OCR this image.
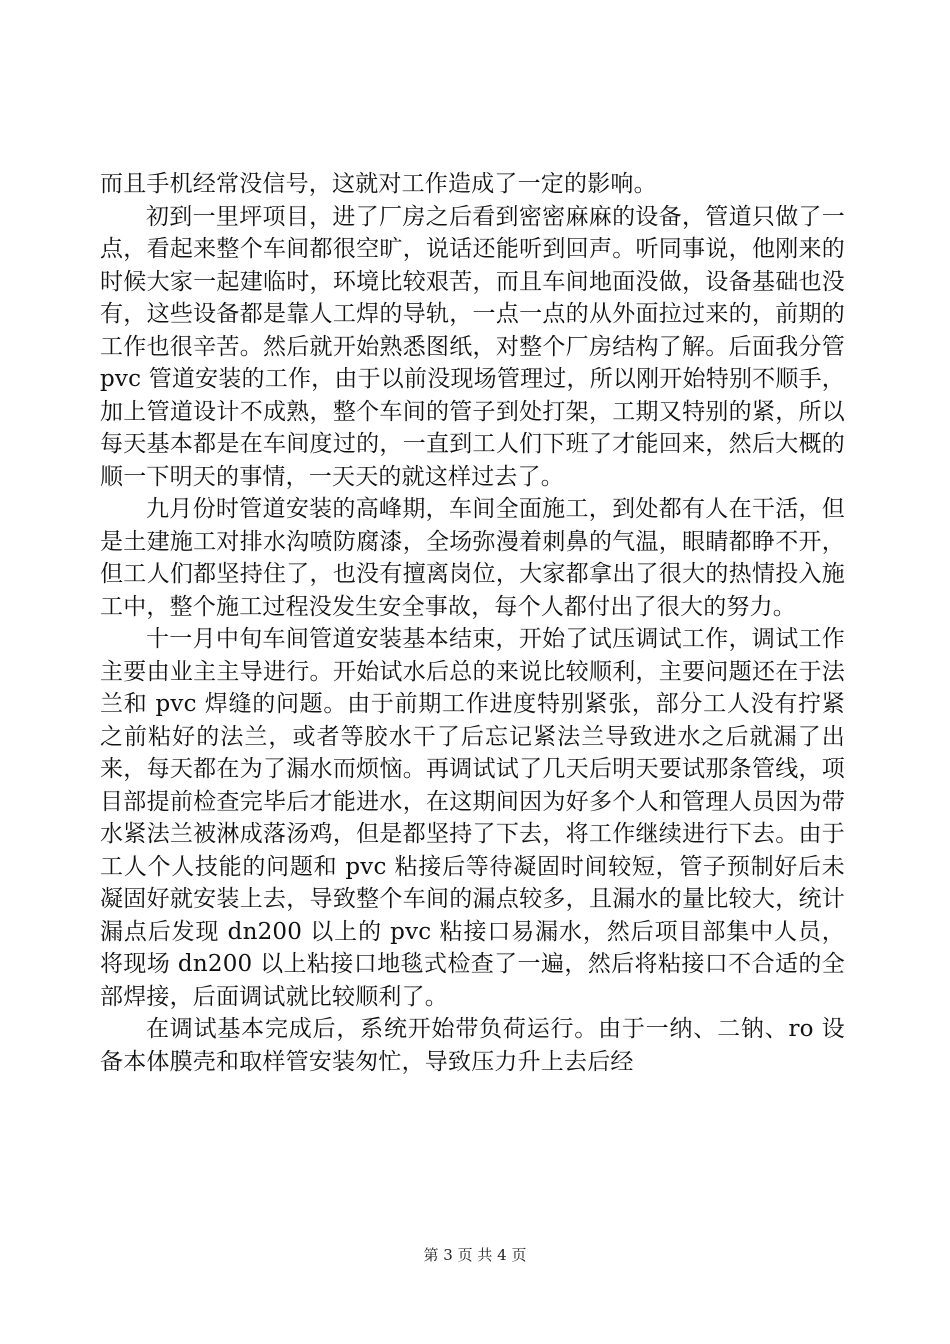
而且手机经常没信号，这就对工作造成了一定的影响。

初到一里坪项目，进了厂房之后看到密密麻麻的设备，管道只做了一点，看起来整个车间都很空旷，说话还能听到回声。听同事说，他刚来的时候大家一起建临时，环境比较艰苦，而且车间地面没做，设备基础也没有，这些设备都是靠人工焊的导轨，一点一点的从外面拉过来的，前期的工作也很辛苦。然后就开始熟悉图纸，对整个厂房结构了解。后面我分管 pvc 管道安装的工作，由于以前没现场管理过，所以刚开始特别不顺手，加上管道设计不成熟，整个车间的管子到处打架，工期又特别的紧，所以每天基本都是在车间度过的，一直到工人们下班了才能回来，然后大概的顺一下明天的事情，一天天的就这样过去了。

九月份时管道安装的高峰期，车间全面施工，到处都有人在干活，但是土建施工对排水沟喷防腐漆，全场弥漫着刺鼻的气温，眼睛都睁不开，但工人们都坚持住了，也没有擅离岗位，大家都拿出了很大的热情投入施工中，整个施工过程没发生安全事故，每个人都付出了很大的努力。

十一月中旬车间管道安装基本结束，开始了试压调试工作，调试工作主要由业主主导进行。开始试水后总的来说比较顺利，主要问题还在于法兰和 pvc 焊缝的问题。由于前期工作进度特别紧张，部分工人没有拧紧之前粘好的法兰，或者等胶水干了后忘记紧法兰导致进水之后就漏了出来，每天都在为了漏水而烦恼。再调试试了几天后明天要试那条管线，项目部提前检查完毕后才能进水，在这期间因为好多个人和管理人员因为带水紧法兰被淋成落汤鸡，但是都坚持了下去，将工作继续进行下去。由于工人个人技能的问题和 pvc 粘接后等待凝固时间较短，管子预制好后未凝固好就安装上去，导致整个车间的漏点较多，且漏水的量比较大，统计漏点后发现 dn200 以上的 pvc 粘接口易漏水，然后项目部集中人员，将现场 dn200 以上粘接口地毯式检查了一遍，然后将粘接口不合适的全部焊接，后面调试就比较顺利了。

在调试基本完成后，系统开始带负荷运行。由于一纳、二钠、ro 设备本体膜壳和取样管安装匆忙，导致压力升上去后经

第 3 页 共 4 页
